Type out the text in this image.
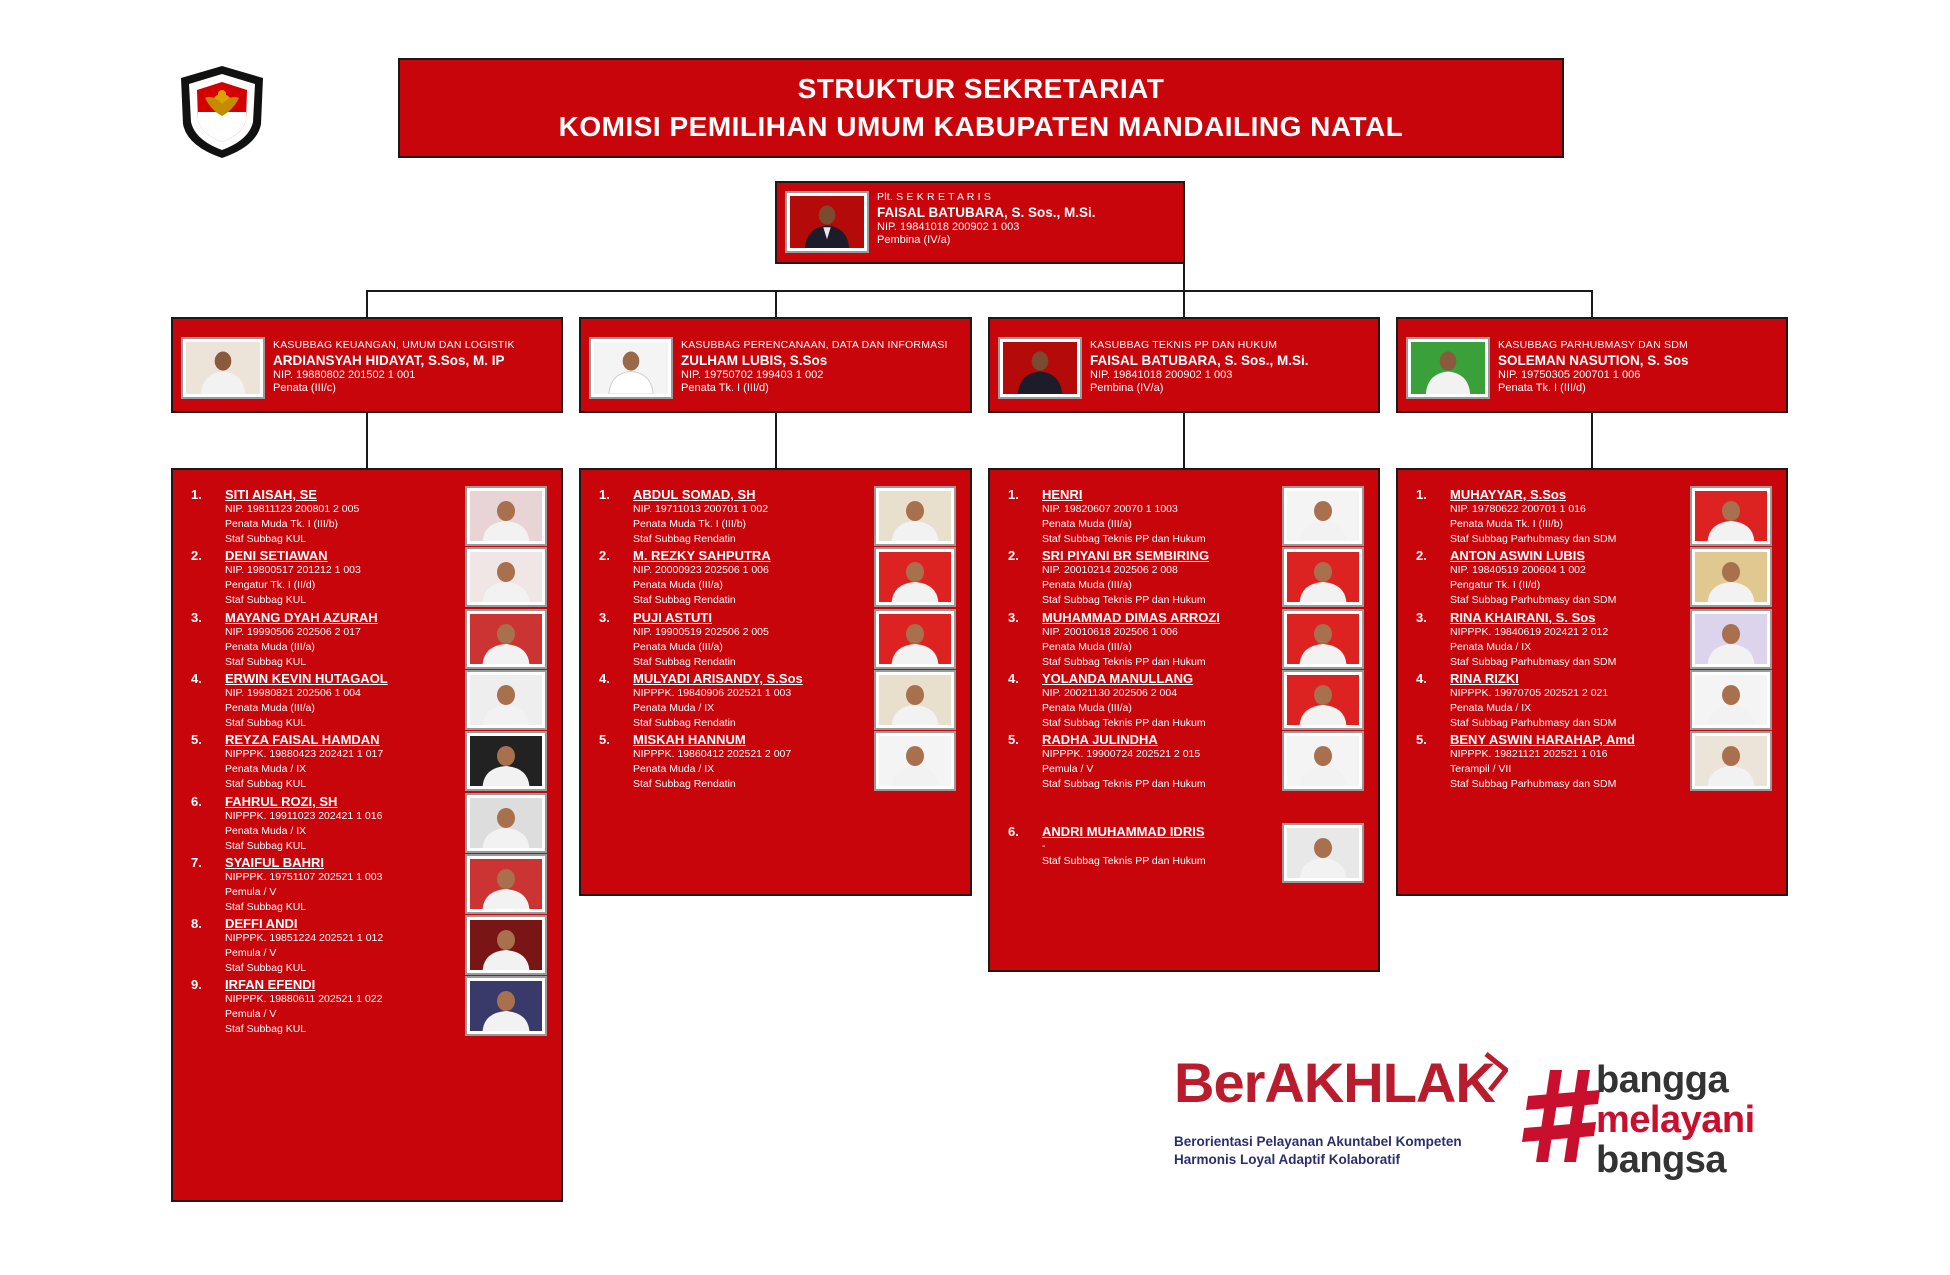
STRUKTUR SEKRETARIAT
KOMISI PEMILIHAN UMUM KABUPATEN MANDAILING NATAL
Plt. S E K R E T A R I S
FAISAL BATUBARA, S. Sos., M.Si.
NIP. 19841018 200902 1 003
Pembina (IV/a)
KASUBBAG KEUANGAN, UMUM DAN LOGISTIK
ARDIANSYAH HIDAYAT, S.Sos, M. IP
NIP. 19880802 201502 1 001
Penata (III/c)
KASUBBAG PERENCANAAN, DATA DAN INFORMASI
ZULHAM LUBIS, S.Sos
NIP. 19750702 199403 1 002
Penata Tk. I (III/d)
KASUBBAG TEKNIS PP DAN HUKUM
FAISAL BATUBARA, S. Sos., M.Si.
NIP. 19841018 200902 1 003
Pembina (IV/a)
KASUBBAG PARHUBMASY DAN SDM
SOLEMAN NASUTION, S. Sos
NIP. 19750305 200701 1 006
Penata Tk. I (III/d)
1. SITI AISAH, SE
NIP. 19811123 200801 2 005
Penata Muda Tk. I (III/b)
Staf Subbag KUL
2. DENI SETIAWAN
NIP. 19800517 201212 1 003
Pengatur Tk. I (II/d)
Staf Subbag KUL
3. MAYANG DYAH AZURAH
NIP. 19990506 202506 2 017
Penata Muda (III/a)
Staf Subbag KUL
4. ERWIN KEVIN HUTAGAOL
NIP. 19980821 202506 1 004
Penata Muda (III/a)
Staf Subbag KUL
5. REYZA FAISAL HAMDAN
NIPPPK. 19880423 202421 1 017
Penata Muda / IX
Staf Subbag KUL
6. FAHRUL ROZI, SH
NIPPPK. 19911023 202421 1 016
Penata Muda / IX
Staf Subbag KUL
7. SYAIFUL BAHRI
NIPPPK. 19751107 202521 1 003
Pemula / V
Staf Subbag KUL
8. DEFFI ANDI
NIPPPK. 19851224 202521 1 012
Pemula / V
Staf Subbag KUL
9. IRFAN EFENDI
NIPPPK. 19880611 202521 1 022
Pemula / V
Staf Subbag KUL
1. ABDUL SOMAD, SH
NIP. 19711013 200701 1 002
Penata Muda Tk. I (III/b)
Staf Subbag Rendatin
2. M. REZKY SAHPUTRA
NIP. 20000923 202506 1 006
Penata Muda (III/a)
Staf Subbag Rendatin
3. PUJI ASTUTI
NIP. 19900519 202506 2 005
Penata Muda (III/a)
Staf Subbag Rendatin
4. MULYADI ARISANDY, S.Sos
NIPPPK. 19840906 202521 1 003
Penata Muda / IX
Staf Subbag Rendatin
5. MISKAH HANNUM
NIPPPK. 19860412 202521 2 007
Penata Muda / IX
Staf Subbag Rendatin
1. HENRI
NIP. 19820607 20070 1 1003
Penata Muda (III/a)
Staf Subbag Teknis PP dan Hukum
2. SRI PIYANI BR SEMBIRING
NIP. 20010214 202506 2 008
Penata Muda (III/a)
Staf Subbag Teknis PP dan Hukum
3. MUHAMMAD DIMAS ARROZI
NIP. 20010618 202506 1 006
Penata Muda (III/a)
Staf Subbag Teknis PP dan Hukum
4. YOLANDA MANULLANG
NIP. 20021130 202506 2 004
Penata Muda (III/a)
Staf Subbag Teknis PP dan Hukum
5. RADHA JULINDHA
NIPPPK. 19900724 202521 2 015
Pemula / V
Staf Subbag Teknis PP dan Hukum
6. ANDRI MUHAMMAD IDRIS
-
Staf Subbag Teknis PP dan Hukum
1. MUHAYYAR, S.Sos
NIP. 19780622 200701 1 016
Penata Muda Tk. I (III/b)
Staf Subbag Parhubmasy dan SDM
2. ANTON ASWIN LUBIS
NIP. 19840519 200604 1 002
Pengatur Tk. I (II/d)
Staf Subbag Parhubmasy dan SDM
3. RINA KHAIRANI, S. Sos
NIPPPK. 19840619 202421 2 012
Penata Muda / IX
Staf Subbag Parhubmasy dan SDM
4. RINA RIZKI
NIPPPK. 19970705 202521 2 021
Penata Muda / IX
Staf Subbag Parhubmasy dan SDM
5. BENY ASWIN HARAHAP, Amd
NIPPPK. 19821121 202521 1 016
Terampil / VII
Staf Subbag Parhubmasy dan SDM
BerAKHLAK
Berorientasi Pelayanan Akuntabel Kompeten
Harmonis Loyal Adaptif Kolaboratif
bangga
melayani
bangsa
